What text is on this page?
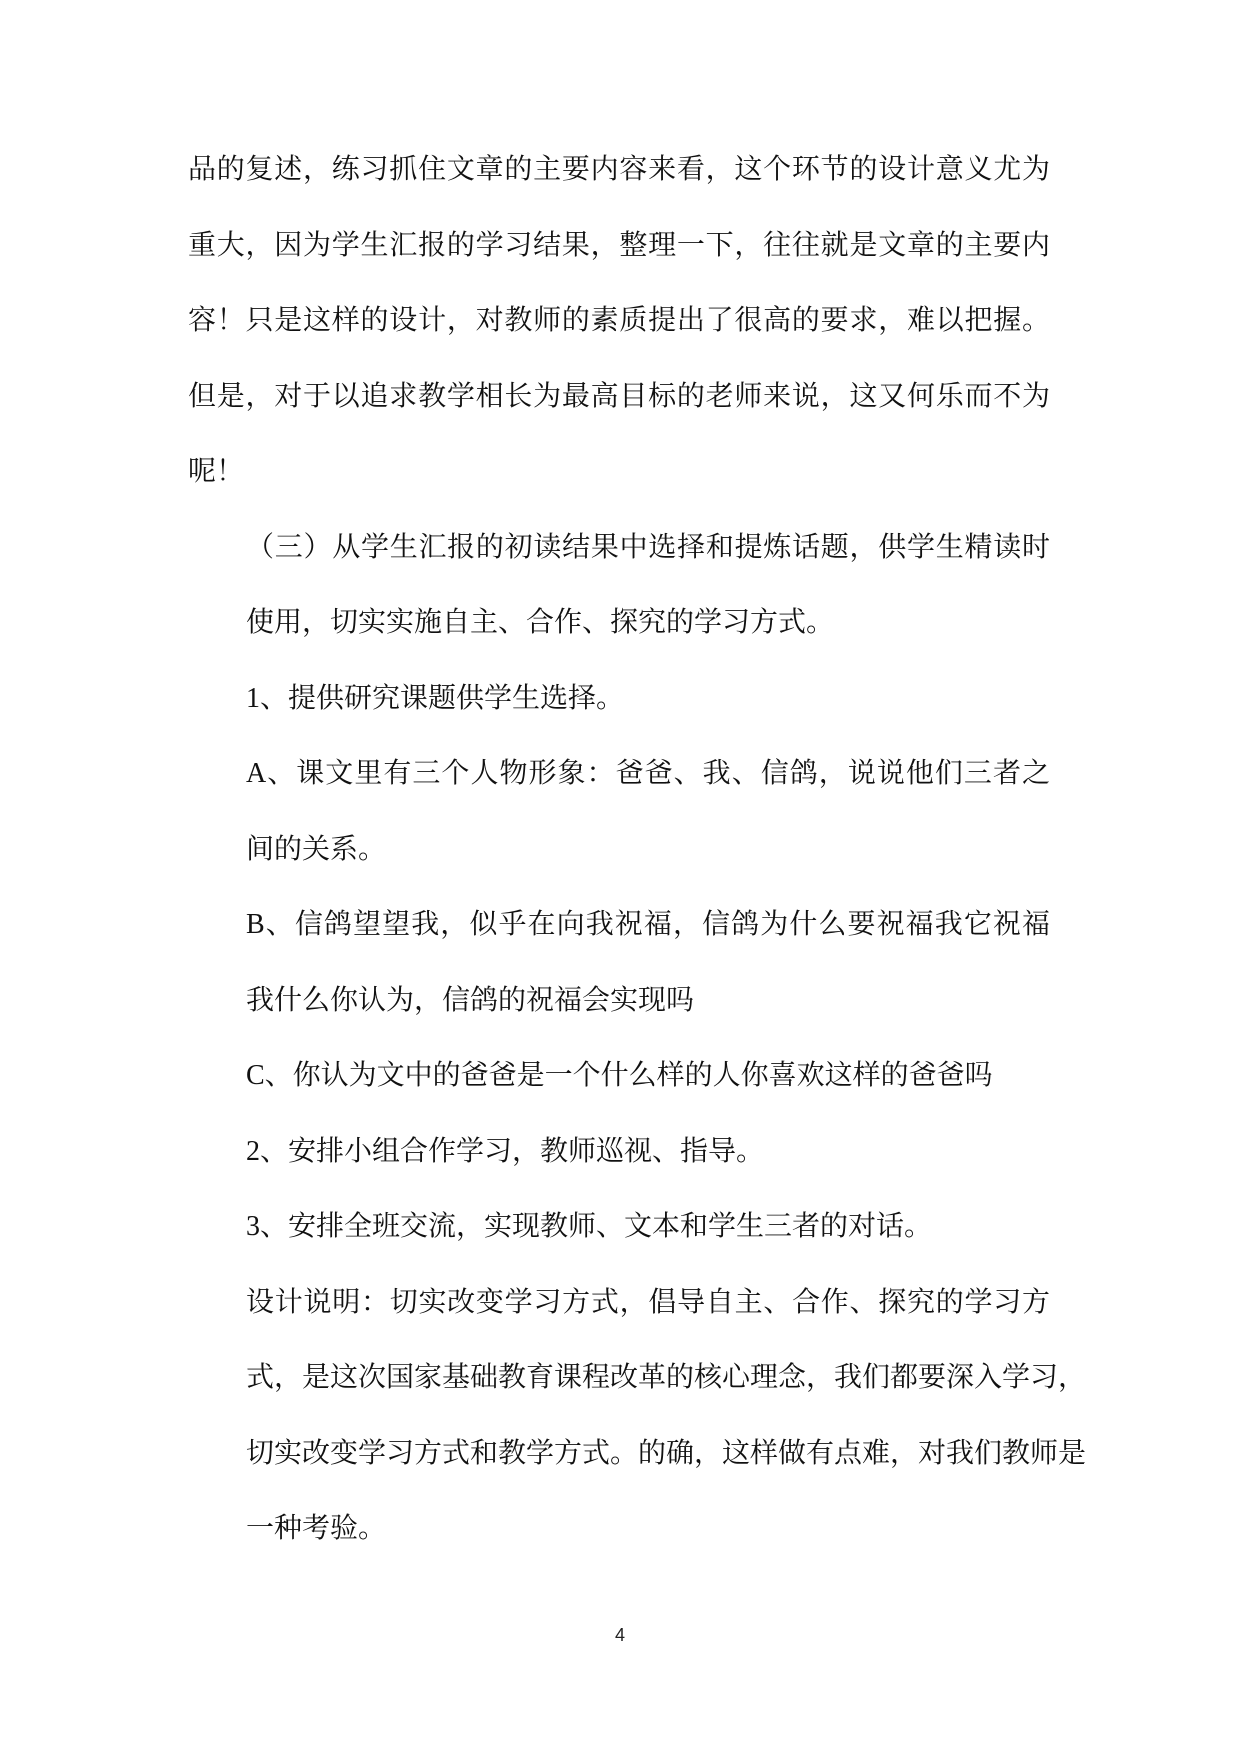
品的复述，练习抓住文章的主要内容来看，这个环节的设计意义尤为
重大，因为学生汇报的学习结果，整理一下，往往就是文章的主要内
容！只是这样的设计，对教师的素质提出了很高的要求，难以把握。
但是，对于以追求教学相长为最高目标的老师来说，这又何乐而不为
呢！
（三）从学生汇报的初读结果中选择和提炼话题，供学生精读时
使用，切实实施自主、合作、探究的学习方式。
1、提供研究课题供学生选择。
A、课文里有三个人物形象：爸爸、我、信鸽，说说他们三者之
间的关系。
B、信鸽望望我，似乎在向我祝福，信鸽为什么要祝福我它祝福
我什么你认为，信鸽的祝福会实现吗
C、你认为文中的爸爸是一个什么样的人你喜欢这样的爸爸吗
2、安排小组合作学习，教师巡视、指导。
3、安排全班交流，实现教师、文本和学生三者的对话。
设计说明：切实改变学习方式，倡导自主、合作、探究的学习方
式，是这次国家基础教育课程改革的核心理念，我们都要深入学习，
切实改变学习方式和教学方式。的确，这样做有点难，对我们教师是
一种考验。
4
